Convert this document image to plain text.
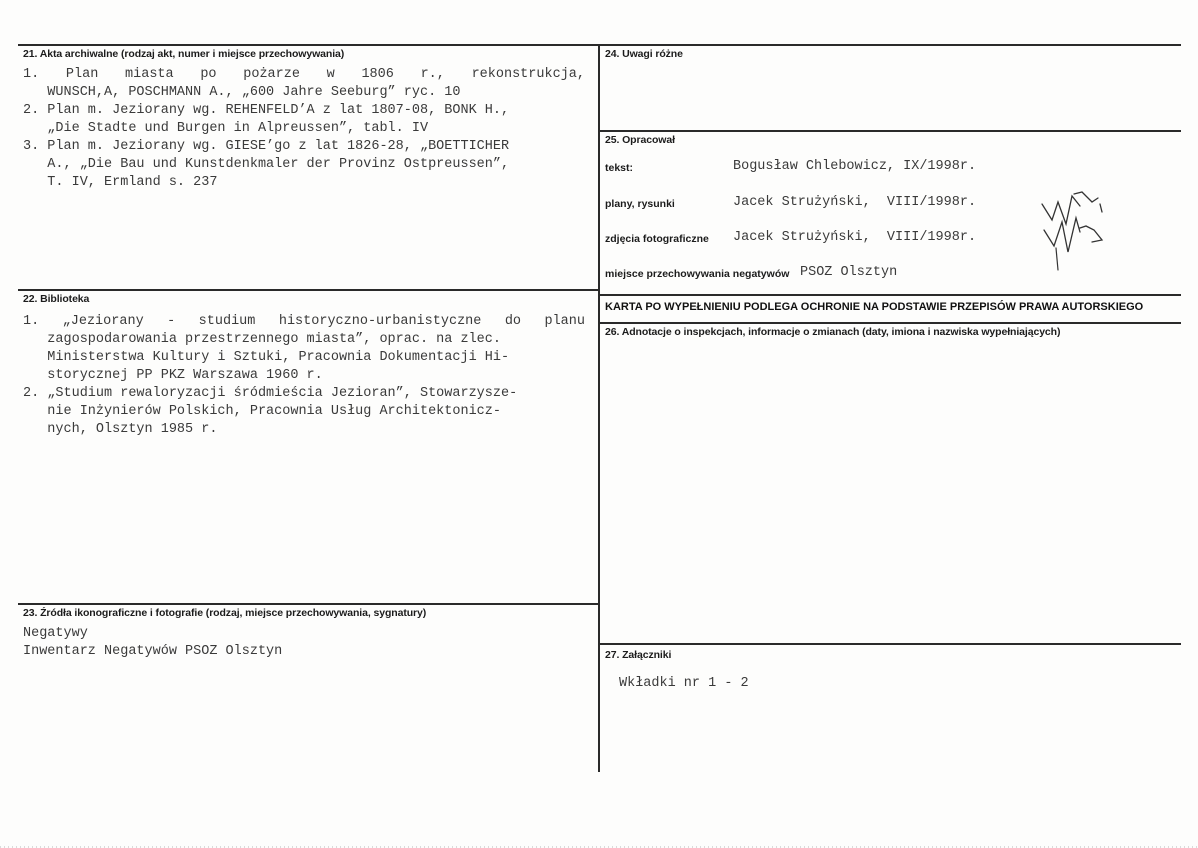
21. Akta archiwalne (rodzaj akt, numer i miejsce przechowywania)
1. Plan miasta po pożarze w 1806 r., rekonstrukcja,
WUNSCH,A, POSCHMANN A., „600 Jahre Seeburg” ryc. 10
2. Plan m. Jeziorany wg. REHENFELD’A z lat 1807-08, BONK H.,
„Die Stadte und Burgen in Alpreussen”, tabl. IV
3. Plan m. Jeziorany wg. GIESE’go z lat 1826-28, „BOETTICHER
A., „Die Bau und Kunstdenkmaler der Provinz Ostpreussen”,
T. IV, Ermland s. 237
22. Biblioteka
1. „Jeziorany - studium historyczno-urbanistyczne do planu
zagospodarowania przestrzennego miasta”, oprac. na zlec.
Ministerstwa Kultury i Sztuki, Pracownia Dokumentacji Hi-
storycznej PP PKZ Warszawa 1960 r.
2. „Studium rewaloryzacji śródmieścia Jezioran”, Stowarzysze-
nie Inżynierów Polskich, Pracownia Usług Architektonicz-
nych, Olsztyn 1985 r.
23. Źródła ikonograficzne i fotografie (rodzaj, miejsce przechowywania, sygnatury)
Negatywy
Inwentarz Negatywów PSOZ Olsztyn
24. Uwagi różne
25. Opracował
tekst:	Bogusław Chlebowicz, IX/1998r.
plany, rysunki	Jacek Strużyński,  VIII/1998r.
zdjęcia fotograficzne Jacek Strużyński,  VIII/1998r.
miejsce przechowywania negatywów PSOZ Olsztyn
KARTA PO WYPEŁNIENIU PODLEGA OCHRONIE NA PODSTAWIE PRZEPISÓW PRAWA AUTORSKIEGO
26. Adnotacje o inspekcjach, informacje o zmianach (daty, imiona i nazwiska wypełniających)
27. Załączniki
Wkładki nr 1 - 2
